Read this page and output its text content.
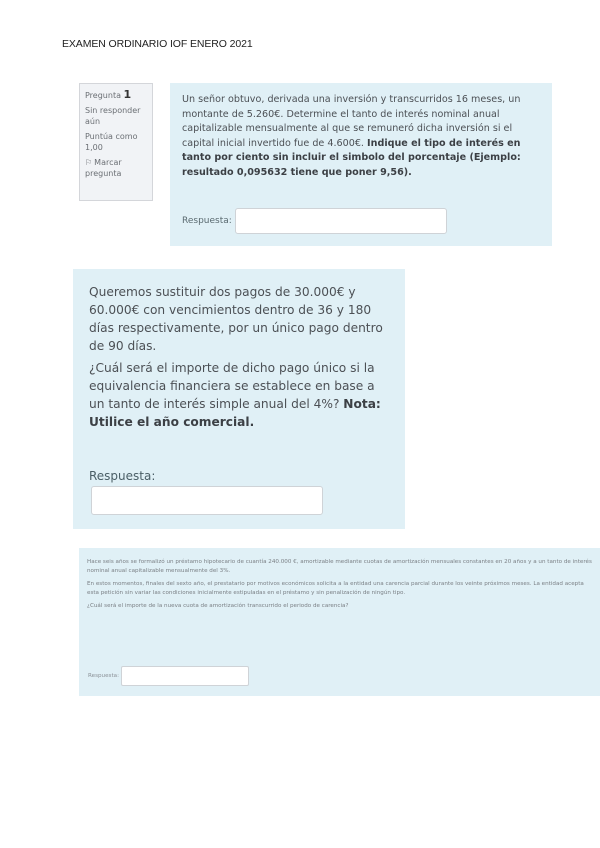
EXAMEN ORDINARIO IOF ENERO 2021
Pregunta 1
Sin responder aún
Puntúa como 1,00
⚐ Marcar pregunta
Un señor obtuvo, derivada una inversión y transcurridos 16 meses, un montante de 5.260€. Determine el tanto de interés nominal anual capitalizable mensualmente al que se remuneró dicha inversión si el capital inicial invertido fue de 4.600€. Indique el tipo de interés en tanto por ciento sin incluir el simbolo del porcentaje (Ejemplo: resultado 0,095632 tiene que poner 9,56).
Respuesta:

Queremos sustituir dos pagos de 30.000€ y 60.000€ con vencimientos dentro de 36 y 180 días respectivamente, por un único pago dentro de 90 días.

¿Cuál será el importe de dicho pago único si la equivalencia financiera se establece en base a un tanto de interés simple anual del 4%? Nota: Utilice el año comercial.

Respuesta:

Hace seis años se formalizó un préstamo hipotecario de cuantía 240.000 €, amortizable mediante cuotas de amortización mensuales constantes en 20 años y a un tanto de interés nominal anual capitalizable mensualmente del 3%.

En estos momentos, finales del sexto año, el prestatario por motivos económicos solicita a la entidad una carencia parcial durante los veinte próximos meses. La entidad acepta esta petición sin variar las condiciones inicialmente estipuladas en el préstamo y sin penalización de ningún tipo.

¿Cuál será el importe de la nueva cuota de amortización transcurrido el periodo de carencia?

Respuesta:
